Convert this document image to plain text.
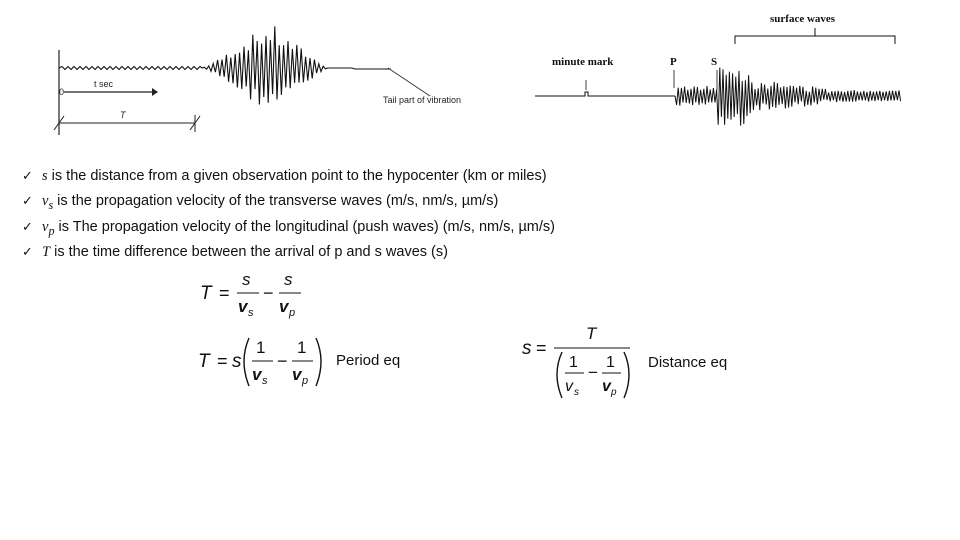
t sec
0
T
Tail part of vibration
surface waves
minute mark	P	S
✓ s is the distance from a given observation point to the hypocenter (km or miles)
✓ $v_s$ is the propagation velocity of the transverse waves (m/s, nm/s, µm/s)
✓ $v_p$ is The propagation velocity of the longitudinal (push waves) (m/s, nm/s, µm/s)
✓ T is the time difference between the arrival of p and s waves (s)
T =
s
v s
−
s
v p
T = s
1
v s
−
1
v p
Period eq
s =
T
1
v s
−
1
v p
Distance eq
